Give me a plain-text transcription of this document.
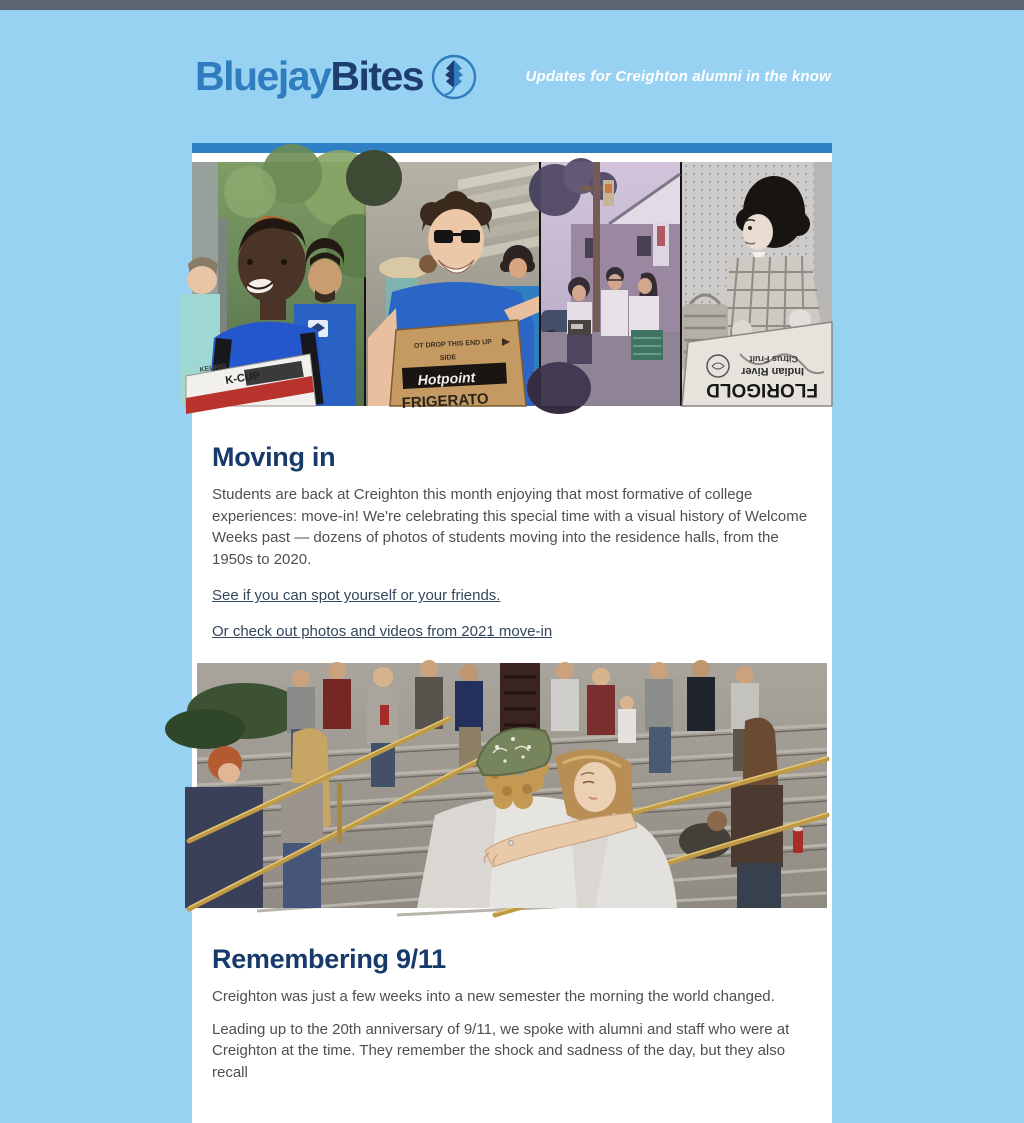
BluejayBites	Updates for Creighton alumni in the know
KEURIG
K-CUP
OT DROP THIS END UP
SIDE
Hotpoint
FRIGERATO
FLORIGOLD
Indian River
Citrus Fruit
Moving in

Students are back at Creighton this month enjoying that most formative of college experiences: move-in! We're celebrating this special time with a visual history of Welcome Weeks past — dozens of photos of students moving into the residence halls, from the 1950s to 2020.

See if you can spot yourself or your friends.

Or check out photos and videos from 2021 move-in

Remembering 9/11

Creighton was just a few weeks into a new semester the morning the world changed.

Leading up to the 20th anniversary of 9/11, we spoke with alumni and staff who were at Creighton at the time. They remember the shock and sadness of the day, but they also recall
